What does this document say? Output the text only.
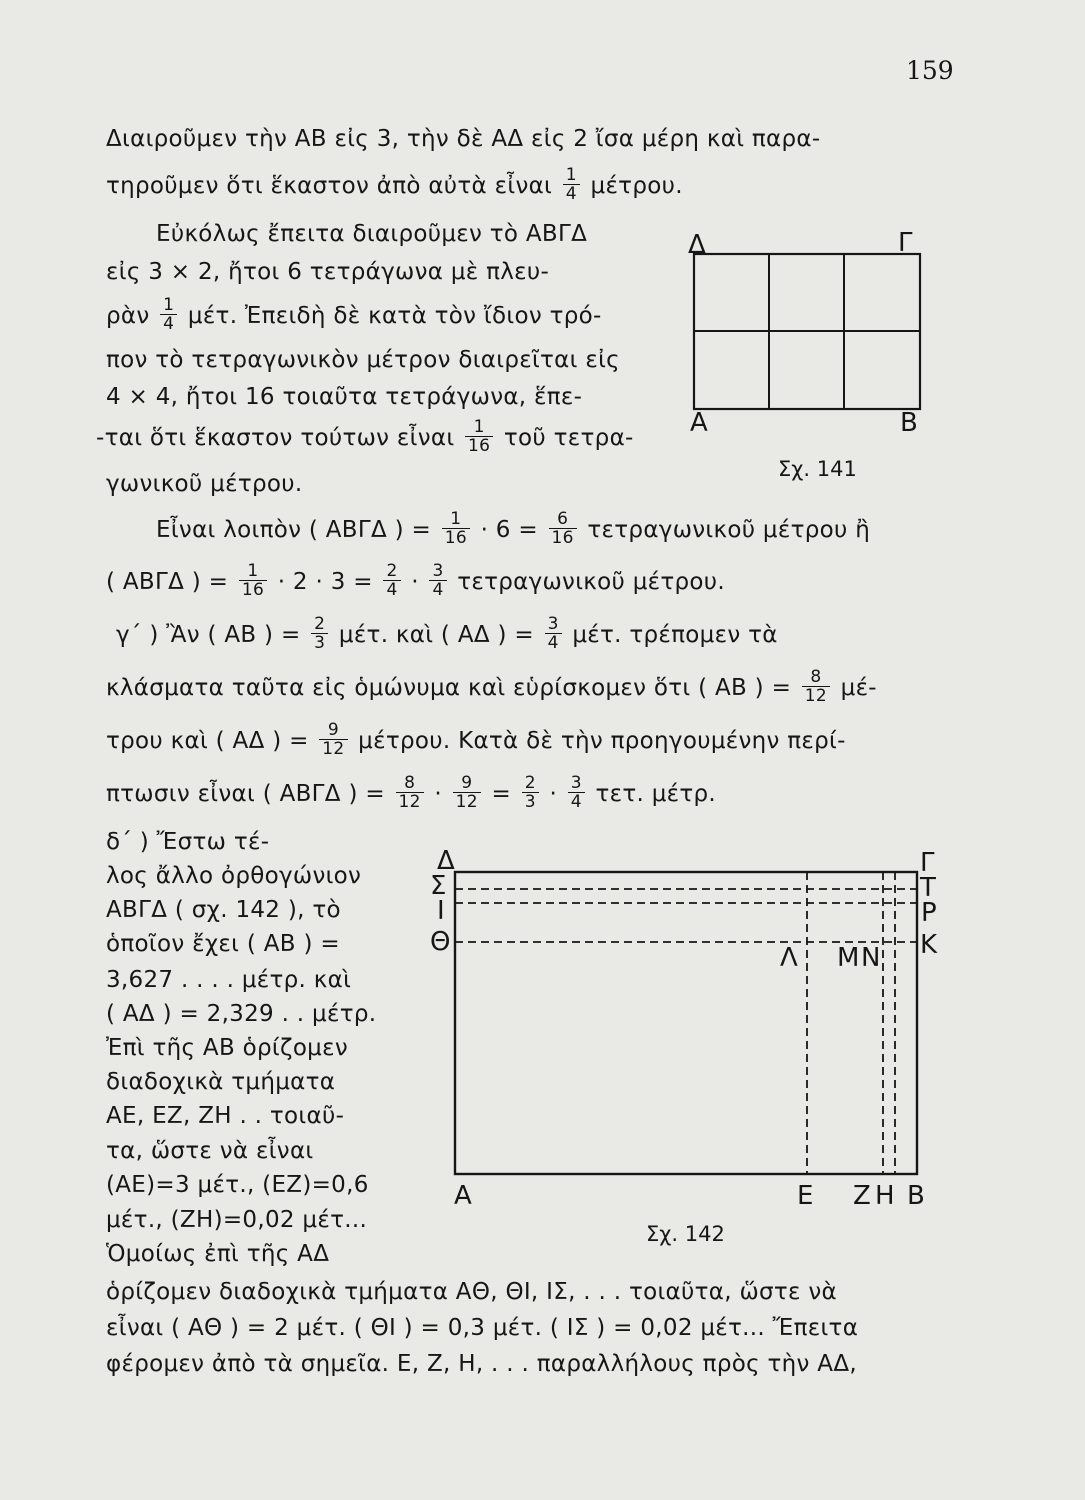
159
Διαιροῦμεν τὴν ΑΒ εἰς 3, τὴν δὲ ΑΔ εἰς 2 ἴσα μέρη καὶ παρα-
τηροῦμεν ὅτι ἕκαστον ἀπὸ αὐτὰ εἶναι $\frac{1}{4} \mu έ\tau\rho o\upsilon$.
Εὐκόλως ἔπειτα διαιροῦμεν τὸ ΑΒΓΔ
εἰς 3 × 2, ἤτοι 6 τετράγωνα μὲ πλευ-
ρὰν $\frac{1}{4} \mu έ\tau$. Ἐπειδὴ δὲ κατὰ τὸν ἴδιον τρό-
πον τὸ τετραγωνικὸν μέτρον διαιρεῖται εἰς
4 × 4, ἤτοι 16 τοιαῦτα τετράγωνα, ἕπε-
-ται ὅτι ἕκαστον τούτων εἶναι $\frac{1}{16}$ τοῦ τετρα-
γωνικοῦ μέτρου.
Δ	Γ
Α	Β
Σχ. 141
Εἶναι λοιπὸν ( ΑΒΓΔ ) = $\frac{1}{16} \cdot 6 = \frac{6}{16}$ τετραγωνικοῦ μέτρου ἢ
( ΑΒΓΔ ) = $\frac{1}{16} \cdot 2 \cdot 3 = \frac{2}{4} \cdot \frac{3}{4}$ τετραγωνικοῦ μέτρου.
γ΄ ) Ἂν ( ΑΒ ) = $\frac{2}{3} \mu έ\tau$. καὶ ( ΑΔ ) = $\frac{3}{4} \mu έ\tau$. τρέπομεν τὰ
κλάσματα ταῦτα εἰς ὁμώνυμα καὶ εὑρίσκομεν ὅτι ( ΑΒ ) = $\frac{8}{12} \mu έ-$
τρου καὶ ( ΑΔ ) = $\frac{9}{12} \mu έ\tau\rho o\upsilon$. Κατὰ δὲ τὴν προηγουμένην περί-
πτωσιν εἶναι ( ΑΒΓΔ ) = $\frac{8}{12} \cdot \frac{9}{12} = \frac{2}{3} \cdot \frac{3}{4} \tau\varepsilon\tau$. μέτρ.
δ΄ ) Ἔστω τέ-
λος ἄλλο ὀρθογώνιον
ΑΒΓΔ ( σχ. 142 ), τὸ
ὁποῖον ἔχει ( ΑΒ ) =
3,627 . . . . μέτρ. καὶ
( ΑΔ ) = 2,329 . . μέτρ.
Ἐπὶ τῆς ΑΒ ὁρίζομεν
διαδοχικὰ τμήματα
ΑΕ, ΕΖ, ΖΗ . . τοιαῦ-
τα, ὥστε νὰ εἶναι
(ΑΕ)=3 μέτ., (ΕΖ)=0,6
μέτ., (ΖΗ)=0,02 μέτ...
Ὁμοίως ἐπὶ τῆς ΑΔ
Δ
Σ
Ι
Θ
Γ
Τ
Ρ
Κ
Λ Μ Ν
Α	Ε Ζ Η Β
Σχ. 142
ὁρίζομεν διαδοχικὰ τμήματα ΑΘ, ΘΙ, ΙΣ, . . . τοιαῦτα, ὥστε νὰ
εἶναι ( ΑΘ ) = 2 μέτ. ( ΘΙ ) = 0,3 μέτ. ( ΙΣ ) = 0,02 μέτ... Ἔπειτα
φέρομεν ἀπὸ τὰ σημεῖα. Ε, Ζ, Η, . . . παραλλήλους πρὸς τὴν ΑΔ,
